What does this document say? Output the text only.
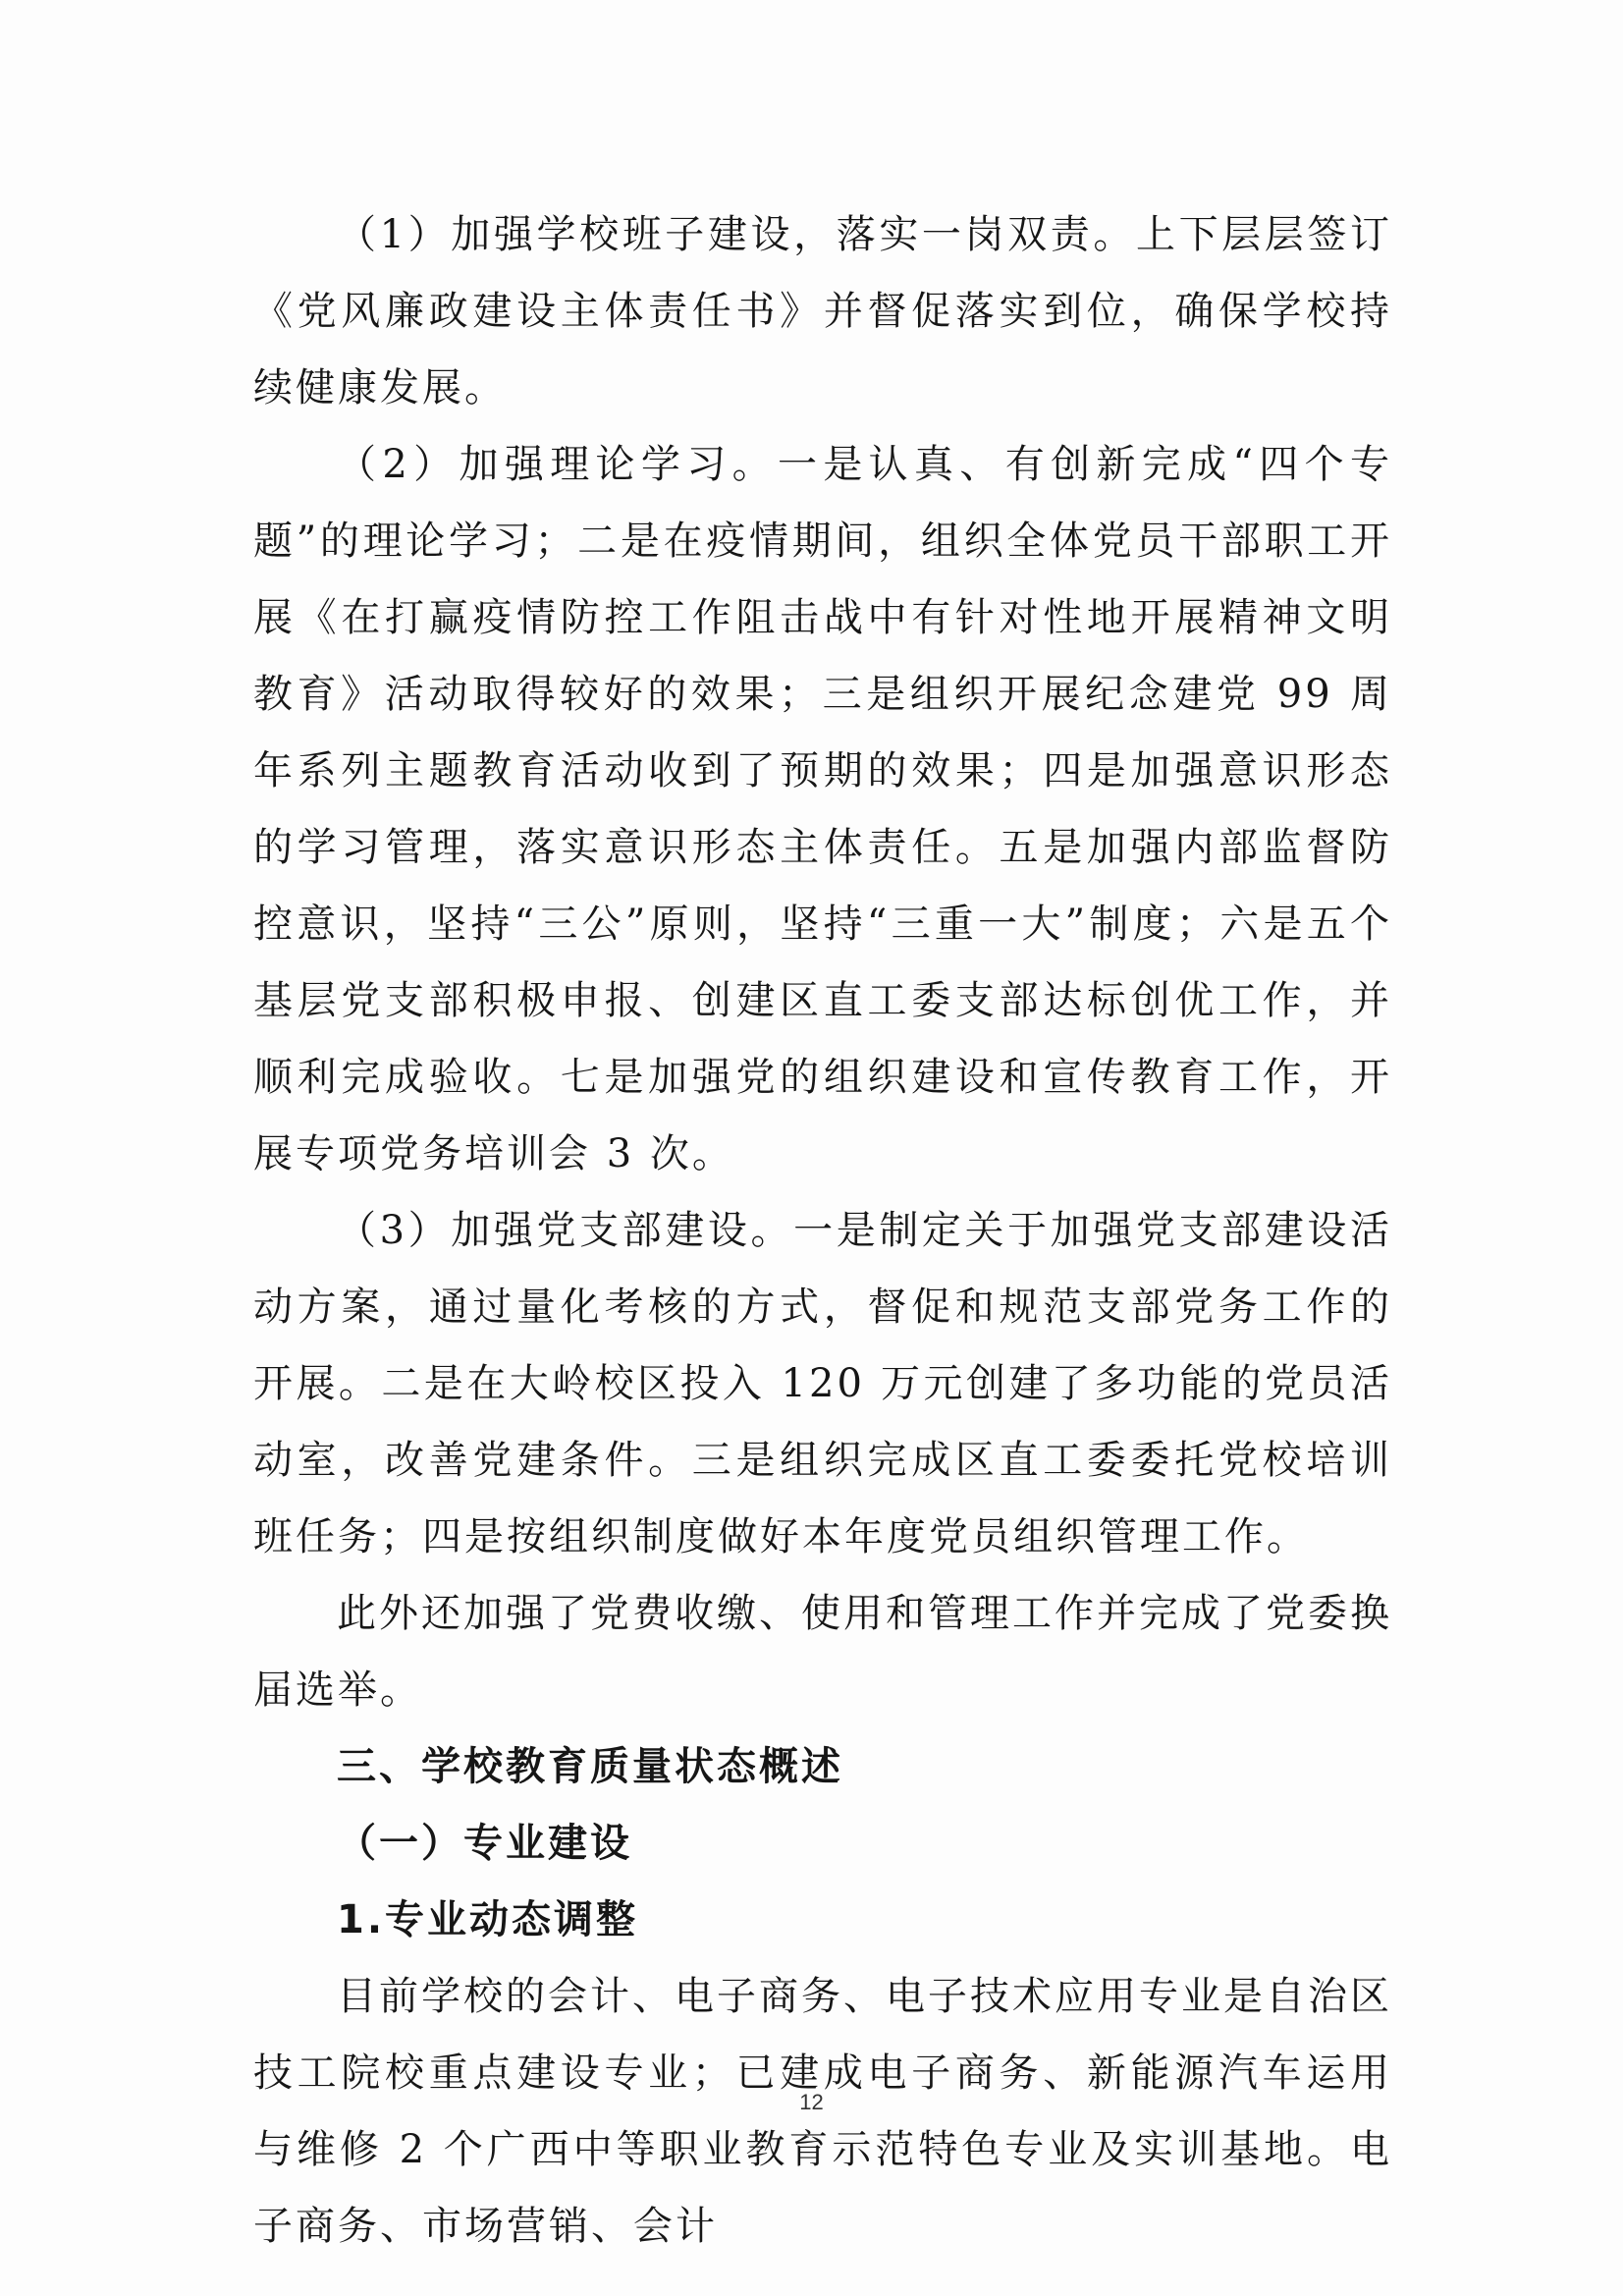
（1）加强学校班子建设，落实一岗双责。上下层层签订《党风廉政建设主体责任书》并督促落实到位，确保学校持续健康发展。

（2）加强理论学习。一是认真、有创新完成“四个专题”的理论学习；二是在疫情期间，组织全体党员干部职工开展《在打赢疫情防控工作阻击战中有针对性地开展精神文明教育》活动取得较好的效果；三是组织开展纪念建党 99 周年系列主题教育活动收到了预期的效果；四是加强意识形态的学习管理，落实意识形态主体责任。五是加强内部监督防控意识，坚持“三公”原则，坚持“三重一大”制度；六是五个基层党支部积极申报、创建区直工委支部达标创优工作，并顺利完成验收。七是加强党的组织建设和宣传教育工作，开展专项党务培训会 3 次。

（3）加强党支部建设。一是制定关于加强党支部建设活动方案，通过量化考核的方式，督促和规范支部党务工作的开展。二是在大岭校区投入 120 万元创建了多功能的党员活动室，改善党建条件。三是组织完成区直工委委托党校培训班任务；四是按组织制度做好本年度党员组织管理工作。

此外还加强了党费收缴、使用和管理工作并完成了党委换届选举。

三、学校教育质量状态概述

（一）专业建设

1.专业动态调整

目前学校的会计、电子商务、电子技术应用专业是自治区技工院校重点建设专业；已建成电子商务、新能源汽车运用与维修 2 个广西中等职业教育示范特色专业及实训基地。电子商务、市场营销、会计

12
